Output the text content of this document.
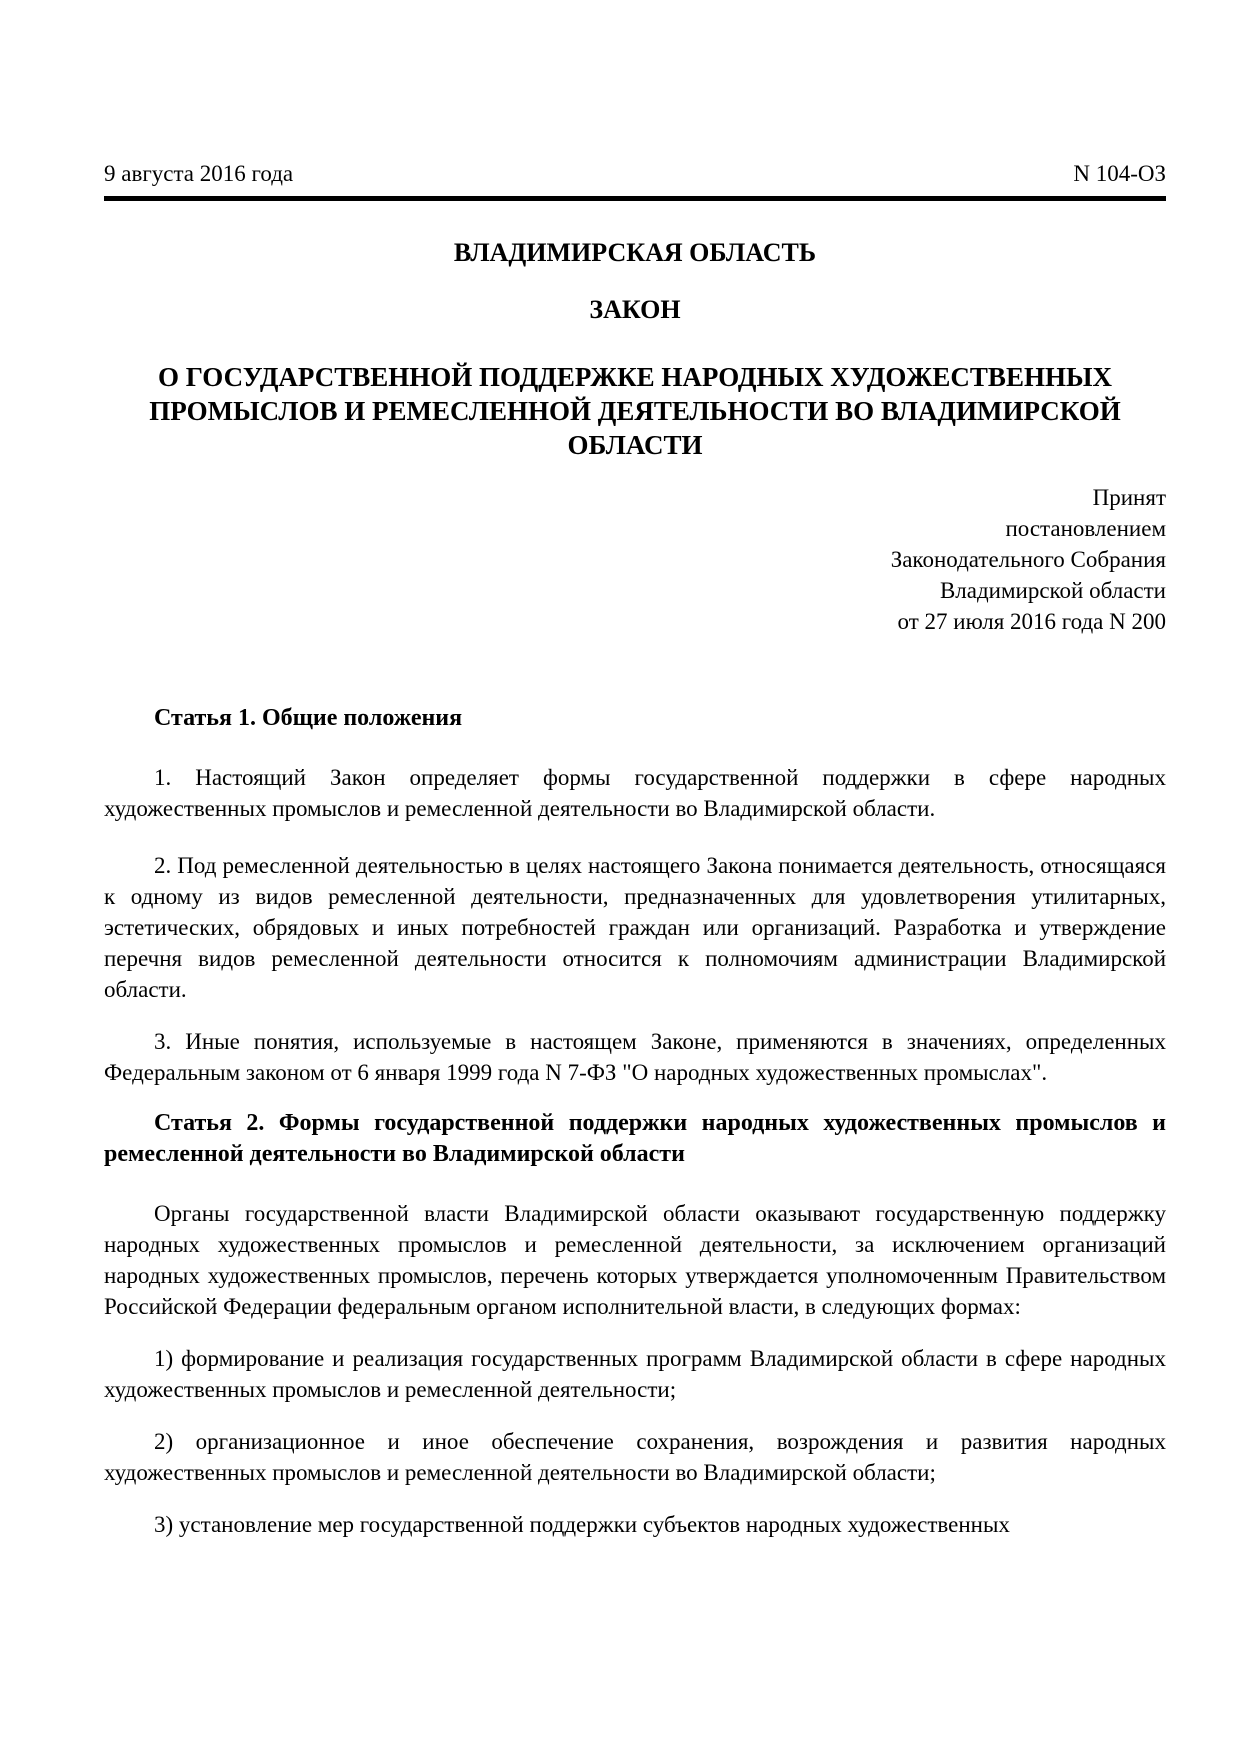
9 августа 2016 года	N 104-ОЗ
ВЛАДИМИРСКАЯ ОБЛАСТЬ
ЗАКОН
О ГОСУДАРСТВЕННОЙ ПОДДЕРЖКЕ НАРОДНЫХ ХУДОЖЕСТВЕННЫХ
ПРОМЫСЛОВ И РЕМЕСЛЕННОЙ ДЕЯТЕЛЬНОСТИ ВО ВЛАДИМИРСКОЙ
ОБЛАСТИ
Принят
постановлением
Законодательного Собрания
Владимирской области
от 27 июля 2016 года N 200
Статья 1. Общие положения

1. Настоящий Закон определяет формы государственной поддержки в сфере народных художественных промыслов и ремесленной деятельности во Владимирской области.

2. Под ремесленной деятельностью в целях настоящего Закона понимается деятельность, относящаяся к одному из видов ремесленной деятельности, предназначенных для удовлетворения утилитарных, эстетических, обрядовых и иных потребностей граждан или организаций. Разработка и утверждение перечня видов ремесленной деятельности относится к полномочиям администрации Владимирской области.

3. Иные понятия, используемые в настоящем Законе, применяются в значениях, определенных Федеральным законом от 6 января 1999 года N 7-ФЗ "О народных художественных промыслах".

Статья 2. Формы государственной поддержки народных художественных промыслов и ремесленной деятельности во Владимирской области

Органы государственной власти Владимирской области оказывают государственную поддержку народных художественных промыслов и ремесленной деятельности, за исключением организаций народных художественных промыслов, перечень которых утверждается уполномоченным Правительством Российской Федерации федеральным органом исполнительной власти, в следующих формах:

1) формирование и реализация государственных программ Владимирской области в сфере народных художественных промыслов и ремесленной деятельности;

2) организационное и иное обеспечение сохранения, возрождения и развития народных художественных промыслов и ремесленной деятельности во Владимирской области;

3) установление мер государственной поддержки субъектов народных художественных
